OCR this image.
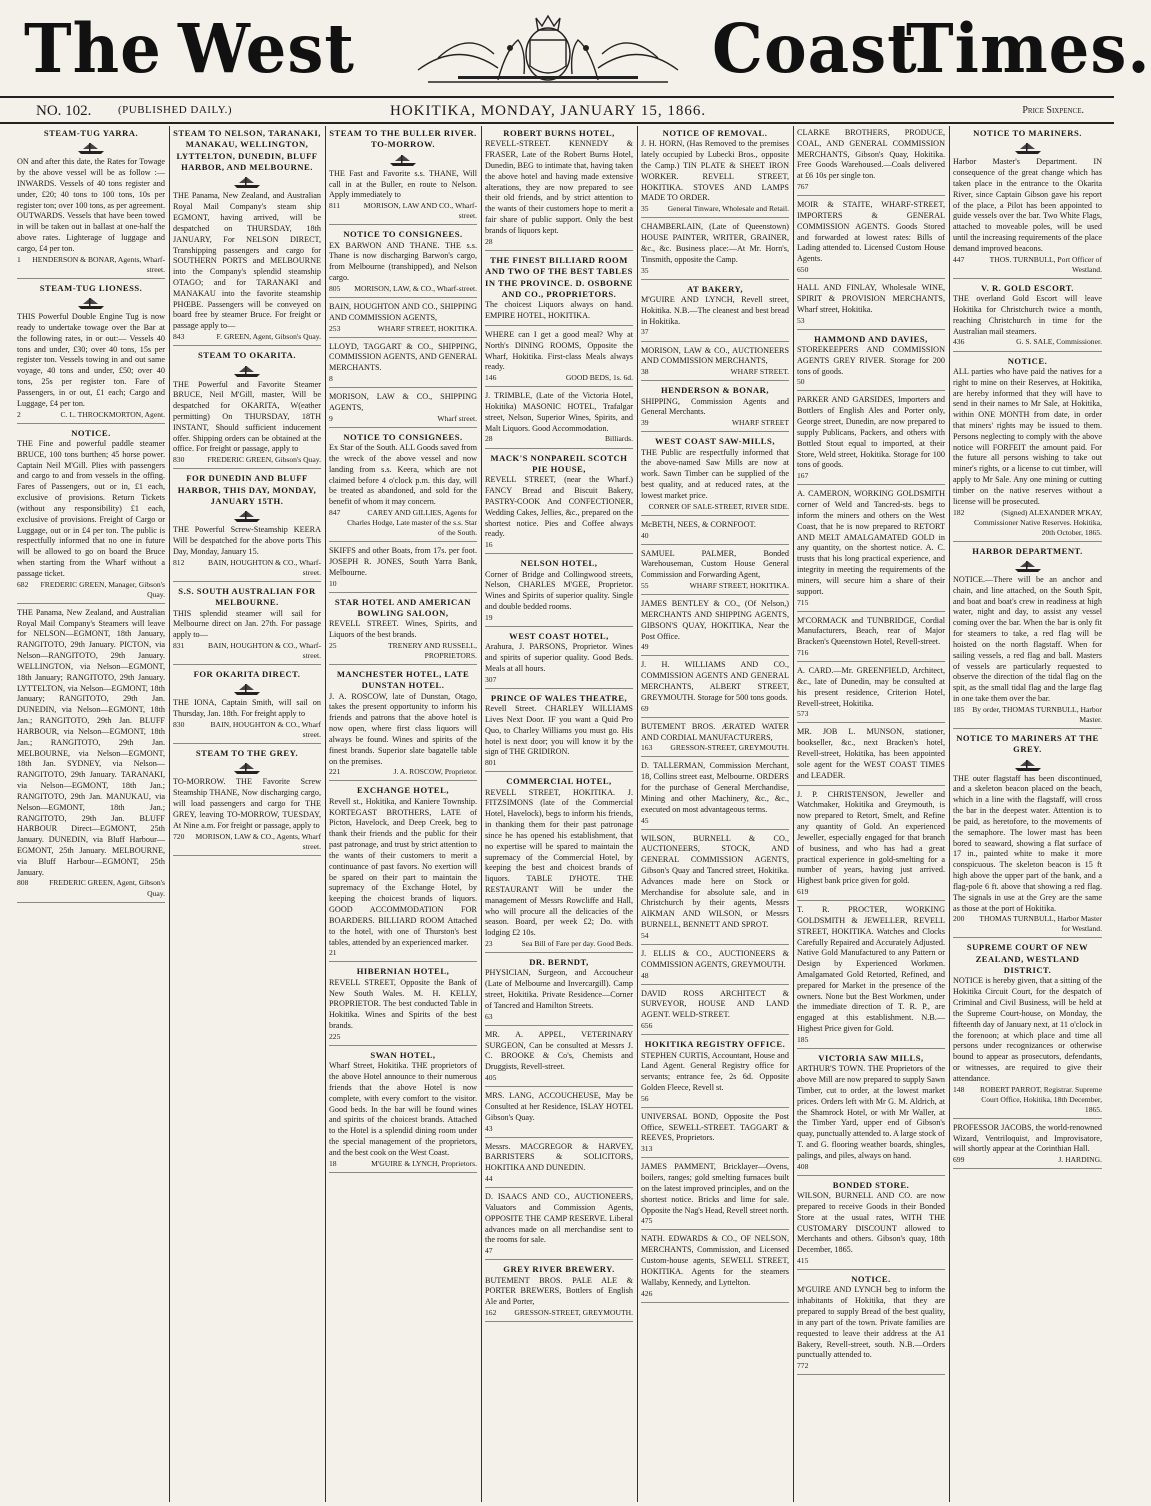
The West	Coast
Times.
NO. 102. (PUBLISHED DAILY.)	HOKITIKA, MONDAY, JANUARY 15, 1866.	Price Sixpence.
STEAM-TUG YARRA.
ON and after this date, the Rates for Towage by the above vessel will be as follow :— INWARDS. Vessels of 40 tons register and under, £20; 40 tons to 100 tons, 10s per register ton; over 100 tons, as per agreement. OUTWARDS. Vessels that have been towed in will be taken out in ballast at one-half the above rates. Lighterage of luggage and cargo, £4 per ton.
1	HENDERSON & BONAR, Agents, Wharf-street.
STEAM-TUG LIONESS.
THIS Powerful Double Engine Tug is now ready to undertake towage over the Bar at the following rates, in or out:— Vessels 40 tons and under, £30; over 40 tons, 15s per register ton. Vessels towing in and out same voyage, 40 tons and under, £50; over 40 tons, 25s per register ton. Fare of Passengers, in or out, £1 each; Cargo and Luggage, £4 per ton.
2	C. L. THROCKMORTON, Agent.
NOTICE.
THE Fine and powerful paddle steamer BRUCE, 100 tons burthen; 45 horse power. Captain Neil M'Gill. Plies with passengers and cargo to and from vessels in the offing. Fares of Passengers, out or in, £1 each, exclusive of provisions. Return Tickets (without any responsibility) £1 each, exclusive of provisions. Freight of Cargo or Luggage, out or in £4 per ton. The public is respectfully informed that no one in future will be allowed to go on board the Bruce when starting from the Wharf without a passage ticket.
682	FREDERIC GREEN, Manager, Gibson's Quay.
THE Panama, New Zealand, and Australian Royal Mail Company's Steamers will leave for NELSON—EGMONT, 18th January, RANGITOTO, 29th January. PICTON, via Nelson—RANGITOTO, 29th January. WELLINGTON, via Nelson—EGMONT, 18th January; RANGITOTO, 29th January. LYTTELTON, via Nelson—EGMONT, 18th January; RANGITOTO, 29th Jan. DUNEDIN, via Nelson—EGMONT, 18th Jan.; RANGITOTO, 29th Jan. BLUFF HARBOUR, via Nelson—EGMONT, 18th Jan.; RANGITOTO, 29th Jan. MELBOURNE, via Nelson—EGMONT, 18th Jan. SYDNEY, via Nelson—RANGITOTO, 29th January. TARANAKI, via Nelson—EGMONT, 18th Jan.; RANGITOTO, 29th Jan. MANUKAU, via Nelson—EGMONT, 18th Jan.; RANGITOTO, 29th Jan. BLUFF HARBOUR Direct—EGMONT, 25th January. DUNEDIN, via Bluff Harbour—EGMONT, 25th January. MELBOURNE, via Bluff Harbour—EGMONT, 25th January.
808	FREDERIC GREEN, Agent, Gibson's Quay.
STEAM TO NELSON, TARANAKI, MANAKAU, WELLINGTON, LYTTELTON, DUNEDIN, BLUFF HARBOR, AND MELBOURNE.
THE Panama, New Zealand, and Australian Royal Mail Company's steam ship EGMONT, having arrived, will be despatched on THURSDAY, 18th JANUARY, For NELSON DIRECT, Transhipping passengers and cargo for SOUTHERN PORTS and MELBOURNE into the Company's splendid steamship OTAGO; and for TARANAKI and MANAKAU into the favorite steamship PHŒBE. Passengers will be conveyed on board free by steamer Bruce. For freight or passage apply to—
843	F. GREEN, Agent, Gibson's Quay.
STEAM TO OKARITA.
THE Powerful and Favorite Steamer BRUCE, Neil M'Gill, master, Will be despatched for OKARITA, W(eather permitting) On THURSDAY, 18TH INSTANT, Should sufficient inducement offer. Shipping orders can be obtained at the office. For freight or passage, apply to
830	FREDERIC GREEN, Gibson's Quay.
FOR DUNEDIN AND BLUFF HARBOR, THIS DAY, MONDAY, JANUARY 15TH.
THE Powerful Screw-Steamship KEERA Will be despatched for the above ports This Day, Monday, January 15.
812	BAIN, HOUGHTON & CO., Wharf-street.
S.S. SOUTH AUSTRALIAN FOR MELBOURNE.
THIS splendid steamer will sail for Melbourne direct on Jan. 27th. For passage apply to—
831	BAIN, HOUGHTON & CO., Wharf-street.
FOR OKARITA DIRECT.
THE IONA, Captain Smith, will sail on Thursday, Jan. 18th. For freight apply to
830	BAIN, HOUGHTON & CO., Wharf street.
STEAM TO THE GREY.
TO-MORROW. THE Favorite Screw Steamship THANE, Now discharging cargo, will load passengers and cargo for THE GREY, leaving TO-MORROW, TUESDAY, At Nine a.m. For freight or passage, apply to
720	MORISON, LAW & CO., Agents, Wharf street.
STEAM TO THE BULLER RIVER. TO-MORROW.
THE Fast and Favorite s.s. THANE, Will call in at the Buller, en route to Nelson. Apply immediately to
811	MORISON, LAW AND CO., Wharf-street.
NOTICE TO CONSIGNEES.
EX BARWON AND THANE. THE s.s. Thane is now discharging Barwon's cargo, from Melbourne (transhipped), and Nelson cargo.
805 MORISON, LAW, & CO., Wharf-street.
BAIN, HOUGHTON AND CO., SHIPPING AND COMMISSION AGENTS,
253	WHARF STREET, HOKITIKA.
LLOYD, TAGGART & CO., SHIPPING, COMMISSION AGENTS, AND GENERAL MERCHANTS.
8
MORISON, LAW & CO., SHIPPING AGENTS,
9	Wharf street.
NOTICE TO CONSIGNEES.
Ex Star of the South. ALL Goods saved from the wreck of the above vessel and now landing from s.s. Keera, which are not claimed before 4 o'clock p.m. this day, will be treated as abandoned, and sold for the benefit of whom it may concern.
847	CAREY AND GILLIES, Agents for Charles Hodge, Late master of the s.s. Star of the South.
SKIFFS and other Boats, from 17s. per foot. JOSEPH R. JONES, South Yarra Bank, Melbourne.
10
STAR HOTEL AND AMERICAN BOWLING SALOON,
REVELL STREET. Wines, Spirits, and Liquors of the best brands.
25	TRENERY AND RUSSELL, PROPRIETORS.
MANCHESTER HOTEL, LATE DUNSTAN HOTEL.
J. A. ROSCOW, late of Dunstan, Otago, takes the present opportunity to inform his friends and patrons that the above hotel is now open, where first class liquors will always be found. Wines and spirits of the finest brands. Superior slate bagatelle table on the premises.
221	J. A. ROSCOW, Proprietor.
EXCHANGE HOTEL,
Revell st., Hokitika, and Kaniere Township. KORTEGAST BROTHERS, LATE of Picton, Havelock, and Deep Creek, beg to thank their friends and the public for their past patronage, and trust by strict attention to the wants of their customers to merit a continuance of past favors. No exertion will be spared on their part to maintain the supremacy of the Exchange Hotel, by keeping the choicest brands of liquors. GOOD ACCOMMODATION FOR BOARDERS. BILLIARD ROOM Attached to the hotel, with one of Thurston's best tables, attended by an experienced marker.
21
HIBERNIAN HOTEL,
REVELL STREET, Opposite the Bank of New South Wales. M. H. KELLY, PROPRIETOR. The best conducted Table in Hokitika. Wines and Spirits of the best brands.
225
SWAN HOTEL,
Wharf Street, Hokitika. THE proprietors of the above Hotel announce to their numerous friends that the above Hotel is now complete, with every comfort to the visitor. Good beds. In the bar will be found wines and spirits of the choicest brands. Attached to the Hotel is a splendid dining room under the special management of the proprietors, and the best cook on the West Coast.
18	M'GUIRE & LYNCH, Proprietors.
ROBERT BURNS HOTEL,
REVELL-STREET. KENNEDY & FRASER, Late of the Robert Burns Hotel, Dunedin, BEG to intimate that, having taken the above hotel and having made extensive alterations, they are now prepared to see their old friends, and by strict attention to the wants of their customers hope to merit a fair share of public support. Only the best brands of liquors kept.
28
THE FINEST BILLIARD ROOM AND TWO OF THE BEST TABLES IN THE PROVINCE. D. OSBORNE AND CO., PROPRIETORS.
The choicest Liquors always on hand. EMPIRE HOTEL, HOKITIKA.
WHERE can I get a good meal? Why at North's DINING ROOMS, Opposite the Wharf, Hokitika. First-class Meals always ready.
146	GOOD BEDS, 1s. 6d.
J. TRIMBLE, (Late of the Victoria Hotel, Hokitika) MASONIC HOTEL, Trafalgar street, Nelson, Superior Wines, Spirits, and Malt Liquors. Good Accommodation.
28	Billiards.
MACK'S NONPAREIL SCOTCH PIE HOUSE,
REVELL STREET, (near the Wharf.) FANCY Bread and Biscuit Bakery, PASTRY-COOK And CONFECTIONER, Wedding Cakes, Jellies, &c., prepared on the shortest notice. Pies and Coffee always ready.
16
NELSON HOTEL,
Corner of Bridge and Collingwood streets, Nelson, CHARLES M'GEE, Proprietor. Wines and Spirits of superior quality. Single and double bedded rooms.
19
WEST COAST HOTEL,
Arahura, J. PARSONS, Proprietor. Wines and spirits of superior quality. Good Beds. Meals at all hours.
307
PRINCE OF WALES THEATRE,
Revell Street. CHARLEY WILLIAMS Lives Next Door. IF you want a Quid Pro Quo, to Charley Williams you must go. His hotel is next door; you will know it by the sign of THE GRIDIRON.
801
COMMERCIAL HOTEL,
REVELL STREET, HOKITIKA. J. FITZSIMONS (late of the Commercial Hotel, Havelock), begs to inform his friends, in thanking them for their past patronage since he has opened his establishment, that no expertise will be spared to maintain the supremacy of the Commercial Hotel, by keeping the best and choicest brands of liquors. TABLE D'HOTE. THE RESTAURANT Will be under the management of Messrs Rowcliffe and Hall, who will procure all the delicacies of the season. Board, per week £2; Do. with lodging £2 10s.
23	Sea Bill of Fare per day. Good Beds.
DR. BERNDT,
PHYSICIAN, Surgeon, and Accoucheur (Late of Melbourne and Invercargill). Camp street, Hokitika. Private Residence—Corner of Tancred and Hamilton Streets.
63
MR. A. APPEL, VETERINARY SURGEON, Can be consulted at Messrs J. C. BROOKE & Co's, Chemists and Druggists, Revell-street.
405
MRS. LANG, ACCOUCHEUSE, May be Consulted at her Residence, ISLAY HOTEL Gibson's Quay.
43
Messrs. MACGREGOR & HARVEY, BARRISTERS & SOLICITORS, HOKITIKA AND DUNEDIN.
44
D. ISAACS AND CO., AUCTIONEERS, Valuators and Commission Agents, OPPOSITE THE CAMP RESERVE. Liberal advances made on all merchandise sent to the rooms for sale.
47
GREY RIVER BREWERY.
BUTEMENT BROS. PALE ALE & PORTER BREWERS, Bottlers of English Ale and Porter,
162 GRESSON-STREET, GREYMOUTH.
NOTICE OF REMOVAL.
J. H. HORN, (Has Removed to the premises lately occupied by Lubecki Bros., opposite the Camp.) TIN PLATE & SHEET IRON WORKER. REVELL STREET, HOKITIKA. STOVES AND LAMPS MADE TO ORDER.
35	General Tinware, Wholesale and Retail.
CHAMBERLAIN, (Late of Queenstown) HOUSE PAINTER, WRITER, GRAINER, &c., &c. Business place:—At Mr. Horn's, Tinsmith, opposite the Camp.
35
AT BAKERY,
M'GUIRE AND LYNCH, Revell street, Hokitika. N.B.—The cleanest and best bread in Hokitika.
37
MORISON, LAW & CO., AUCTIONEERS AND COMMISSION MERCHANTS,
38	WHARF STREET.
HENDERSON & BONAR,
SHIPPING, Commission Agents and General Merchants.
39	WHARF STREET
WEST COAST SAW-MILLS,
THE Public are respectfully informed that the above-named Saw Mills are now at work. Sawn Timber can be supplied of the best quality, and at reduced rates, at the lowest market price.
CORNER OF SALE-STREET, RIVER SIDE.
McBETH, NEES, & CORNFOOT.
40
SAMUEL PALMER, Bonded Warehouseman, Custom House General Commission and Forwarding Agent,
55	WHARF STREET, HOKITIKA.
JAMES BENTLEY & CO., (Of Nelson,) MERCHANTS AND SHIPPING AGENTS, GIBSON'S QUAY, HOKITIKA, Near the Post Office.
49
J. H. WILLIAMS AND CO., COMMISSION AGENTS AND GENERAL MERCHANTS, ALBERT STREET, GREYMOUTH. Storage for 500 tons goods.
69
BUTEMENT BROS. ÆRATED WATER AND CORDIAL MANUFACTURERS,
163 GRESSON-STREET, GREYMOUTH.
D. TALLERMAN, Commission Merchant, 18, Collins street east, Melbourne. ORDERS for the purchase of General Merchandise, Mining and other Machinery, &c., &c., executed on most advantageous terms.
45
WILSON, BURNELL & CO., AUCTIONEERS, STOCK, AND GENERAL COMMISSION AGENTS, Gibson's Quay and Tancred street, Hokitika. Advances made here on Stock or Merchandise for absolute sale, and in Christchurch by their agents, Messrs AIKMAN AND WILSON, or Messrs BURNELL, BENNETT AND SPROT.
54
J. ELLIS & CO., AUCTIONEERS & COMMISSION AGENTS, GREYMOUTH.
48
DAVID ROSS ARCHITECT & SURVEYOR, HOUSE AND LAND AGENT. WELD-STREET.
656
HOKITIKA REGISTRY OFFICE.
STEPHEN CURTIS, Accountant, House and Land Agent. General Registry office for servants; entrance fee, 2s 6d. Opposite Golden Fleece, Revell st.
56
UNIVERSAL BOND, Opposite the Post Office, SEWELL-STREET. TAGGART & REEVES, Proprietors.
313
JAMES PAMMENT, Bricklayer—Ovens, boilers, ranges; gold smelting furnaces built on the latest improved principles, and on the shortest notice. Bricks and lime for sale. Opposite the Nag's Head, Revell street north.
475
NATH. EDWARDS & CO., OF NELSON, MERCHANTS, Commission, and Licensed Custom-house agents, SEWELL STREET, HOKITIKA. Agents for the steamers Wallaby, Kennedy, and Lyttelton.
426
CLARKE BROTHERS, PRODUCE, COAL, AND GENERAL COMMISSION MERCHANTS, Gibson's Quay, Hokitika. Free Goods Warehoused.—Coals delivered at £6 10s per single ton.
767
MOIR & STAITE, WHARF-STREET, IMPORTERS & GENERAL COMMISSION AGENTS. Goods Stored and forwarded at lowest rates: Bills of Lading attended to. Licensed Custom House Agents.
650
HALL AND FINLAY, Wholesale WINE, SPIRIT & PROVISION MERCHANTS, Wharf street, Hokitika.
53
HAMMOND AND DAVIES,
STOREKEEPERS AND COMMISSION AGENTS GREY RIVER. Storage for 200 tons of goods.
50
PARKER AND GARSIDES, Importers and Bottlers of English Ales and Porter only, George street, Dunedin, are now prepared to supply Publicans, Packers, and others with Bottled Stout equal to imported, at their Store, Weld street, Hokitika. Storage for 100 tons of goods.
167
A. CAMERON, WORKING GOLDSMITH corner of Weld and Tancred-sts. begs to inform the miners and others on the West Coast, that he is now prepared to RETORT AND MELT AMALGAMATED GOLD in any quantity, on the shortest notice. A. C. trusts that his long practical experience, and integrity in meeting the requirements of the miners, will secure him a share of their support.
715
M'CORMACK and TUNBRIDGE, Cordial Manufacturers, Beach, rear of Major Bracken's Queenstown Hotel, Revell-street.
716
A. CARD.—Mr. GREENFIELD, Architect, &c., late of Dunedin, may be consulted at his present residence, Criterion Hotel, Revell-street, Hokitika.
573
MR. JOB L. MUNSON, stationer, bookseller, &c., next Bracken's hotel, Revell-street, Hokitika, has been appointed sole agent for the WEST COAST TIMES and LEADER.
J. P. CHRISTENSON, Jeweller and Watchmaker, Hokitika and Greymouth, is now prepared to Retort, Smelt, and Refine any quantity of Gold. An experienced Jeweller, especially engaged for that branch of business, and who has had a great practical experience in gold-smelting for a number of years, having just arrived. Highest bank price given for gold.
619
T. R. PROCTER, WORKING GOLDSMITH & JEWELLER, REVELL STREET, HOKITIKA. Watches and Clocks Carefully Repaired and Accurately Adjusted. Native Gold Manufactured to any Pattern or Design by Experienced Workmen. Amalgamated Gold Retorted, Refined, and prepared for Market in the presence of the owners. None but the Best Workmen, under the immediate direction of T. R. P., are engaged at this establishment. N.B.—Highest Price given for Gold.
185
VICTORIA SAW MILLS,
ARTHUR'S TOWN. THE Proprietors of the above Mill are now prepared to supply Sawn Timber, cut to order, at the lowest market prices. Orders left with Mr G. M. Aldrich, at the Shamrock Hotel, or with Mr Waller, at the Timber Yard, upper end of Gibson's quay, punctually attended to. A large stock of T. and G. flooring weather boards, shingles, palings, and piles, always on hand.
408
BONDED STORE.
WILSON, BURNELL AND CO. are now prepared to receive Goods in their Bonded Store at the usual rates, WITH THE CUSTOMARY DISCOUNT allowed to Merchants and others. Gibson's quay, 18th December, 1865.
415
NOTICE.
M'GUIRE AND LYNCH beg to inform the inhabitants of Hokitika, that they are prepared to supply Bread of the best quality, in any part of the town. Private families are requested to leave their address at the A1 Bakery, Revell-street, south. N.B.—Orders punctually attended to.
772
NOTICE TO MARINERS.
Harbor Master's Department. IN consequence of the great change which has taken place in the entrance to the Okarita River, since Captain Gibson gave his report of the place, a Pilot has been appointed to guide vessels over the bar. Two White Flags, attached to moveable poles, will be used until the increasing requirements of the place demand improved beacons.
447	THOS. TURNBULL, Port Officer of Westland.
V. R. GOLD ESCORT.
THE overland Gold Escort will leave Hokitika for Christchurch twice a month, reaching Christchurch in time for the Australian mail steamers.
436	G. S. SALE, Commissioner.
NOTICE.
ALL parties who have paid the natives for a right to mine on their Reserves, at Hokitika, are hereby informed that they will have to send in their names to Mr Sale, at Hokitika, within ONE MONTH from date, in order that miners' rights may be issued to them. Persons neglecting to comply with the above notice will FORFEIT the amount paid. For the future all persons wishing to take out miner's rights, or a license to cut timber, will apply to Mr Sale. Any one mining or cutting timber on the native reserves without a license will be prosecuted.
182	(Signed) ALEXANDER M'KAY, Commissioner Native Reserves. Hokitika, 20th October, 1865.
HARBOR DEPARTMENT.
NOTICE.—There will be an anchor and chain, and line attached, on the South Spit, and boat and boat's crew in readiness at high water, night and day, to assist any vessel coming over the bar. When the bar is only fit for steamers to take, a red flag will be hoisted on the north flagstaff. When for sailing vessels, a red flag and ball. Masters of vessels are particularly requested to observe the direction of the tidal flag on the spit, as the small tidal flag and the large flag in one take them over the bar.
185 By order, THOMAS TURNBULL, Harbor Master.
NOTICE TO MARINERS AT THE GREY.
THE outer flagstaff has been discontinued, and a skeleton beacon placed on the beach, which in a line with the flagstaff, will cross the bar in the deepest water. Attention is to be paid, as heretofore, to the movements of the semaphore. The lower mast has been bored to seaward, showing a flat surface of 17 in., painted white to make it more conspicuous. The skeleton beacon is 15 ft high above the upper part of the bank, and a flag-pole 6 ft. above that showing a red flag. The signals in use at the Grey are the same as those at the port of Hokitika.
200	THOMAS TURNBULL, Harbor Master for Westland.
SUPREME COURT OF NEW ZEALAND, WESTLAND DISTRICT.
NOTICE is hereby given, that a sitting of the Hokitika Circuit Court, for the despatch of Criminal and Civil Business, will be held at the Supreme Court-house, on Monday, the fifteenth day of January next, at 11 o'clock in the forenoon; at which place and time all persons under recognizances or otherwise bound to appear as prosecutors, defendants, or witnesses, are required to give their attendance.
148	ROBERT PARROT, Registrar. Supreme Court Office, Hokitika, 18th December, 1865.
PROFESSOR JACOBS, the world-renowned Wizard, Ventriloquist, and Improvisatore, will shortly appear at the Corinthian Hall.
699	J. HARDING.
